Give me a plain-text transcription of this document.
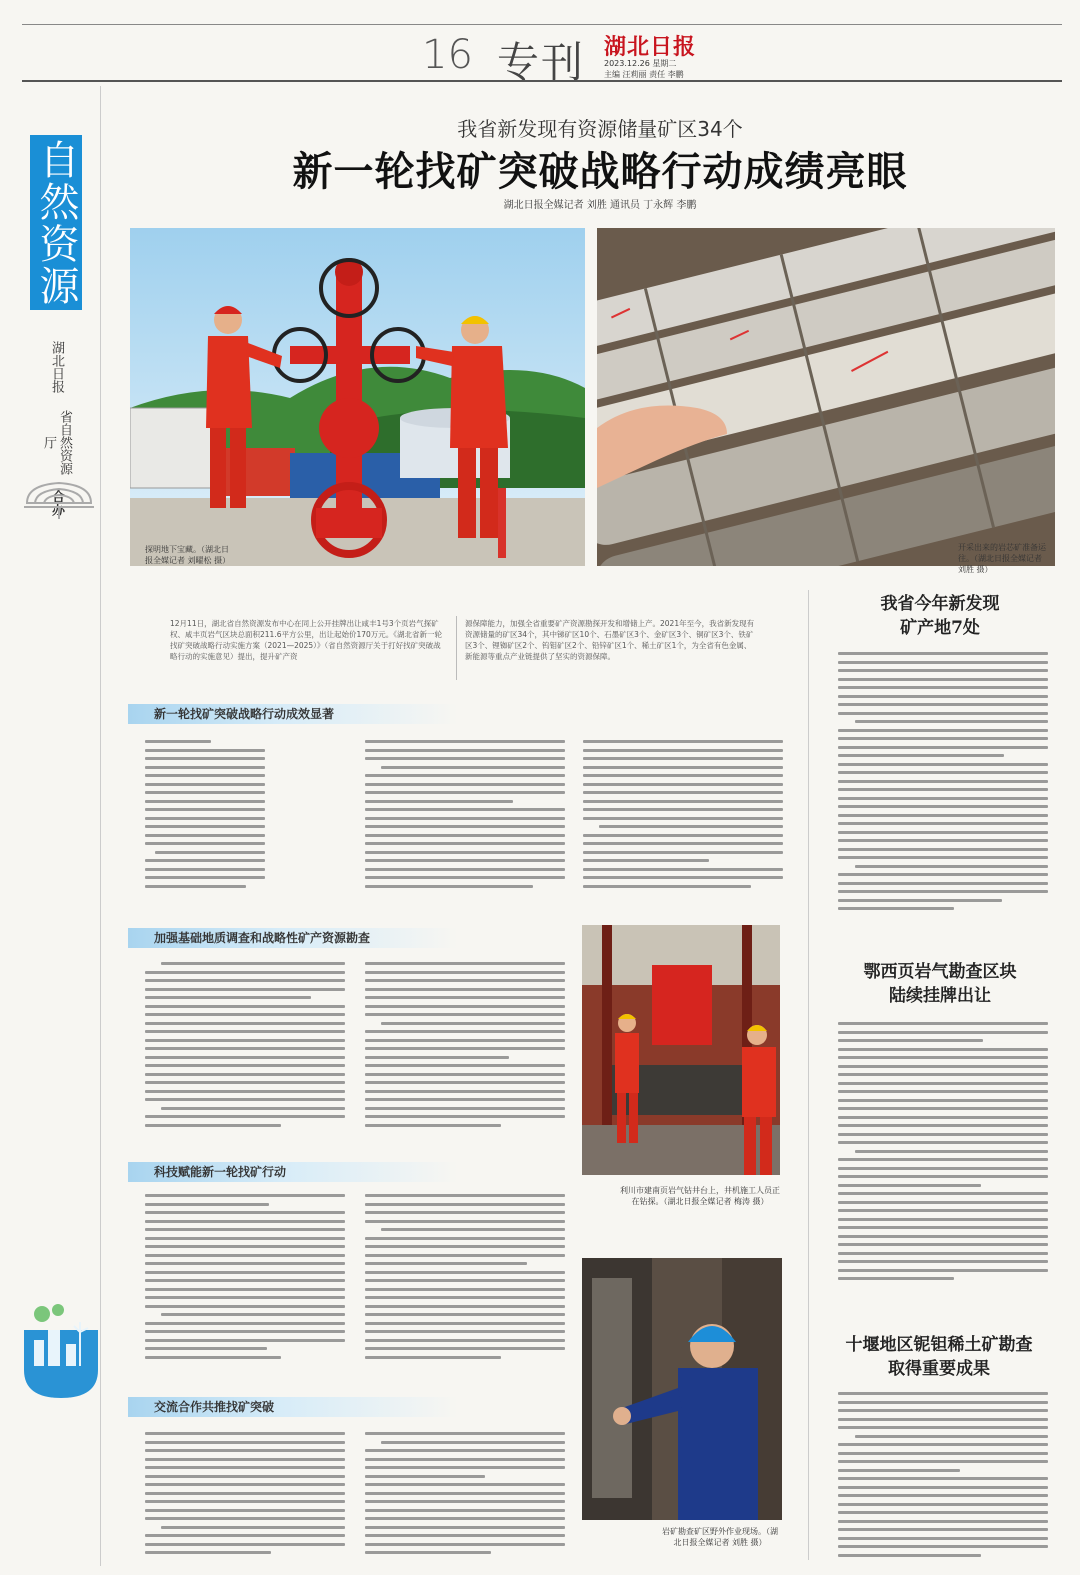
16 专刊 湖北日报
2023.12.26 星期二
主编 汪莉丽 责任 李鹏
自然资源
湖北日报 省自然资源厅
合办
我省新发现有资源储量矿区34个
新一轮找矿突破战略行动成绩亮眼
湖北日报全媒记者 刘胜 通讯员 丁永辉 李鹏
探明地下宝藏。（湖北日报全媒记者 刘曜松 摄）
开采出来的岩芯矿准备运往。（湖北日报全媒记者 刘胜 摄）
12月11日，湖北省自然资源发布中心在同上公开挂牌出让咸丰1号3个页岩气探矿权、咸丰页岩气区块总面积211.6平方公里，出让起始价170万元。《湖北省新一轮找矿突破战略行动实施方案（2021—2025）》（省自然资源厅关于打好找矿突破战略行动的实施意见）提出，提升矿产资
源保障能力，加强全省重要矿产资源勘探开发和增储上产。2021年至今，我省新发现有资源储量的矿区34个，其中锑矿区10个、石墨矿区3个、金矿区3个、铜矿区3个、铁矿区3个、锂铷矿区2个、钨钼矿区2个、铅锌矿区1个、稀土矿区1个，为全省有色金属、新能源等重点产业链提供了坚实的资源保障。
新一轮找矿突破战略行动成效显著
加强基础地质调查和战略性矿产资源勘查
科技赋能新一轮找矿行动
交流合作共推找矿突破
利川市建南页岩气钻井台上，井机施工人员正在钻探。（湖北日报全媒记者 梅涛 摄）
岩矿勘查矿区野外作业现场。（湖北日报全媒记者 刘胜 摄）
我省今年新发现
矿产地7处
鄂西页岩气勘查区块
陆续挂牌出让
十堰地区铌钽稀土矿勘查
取得重要成果
